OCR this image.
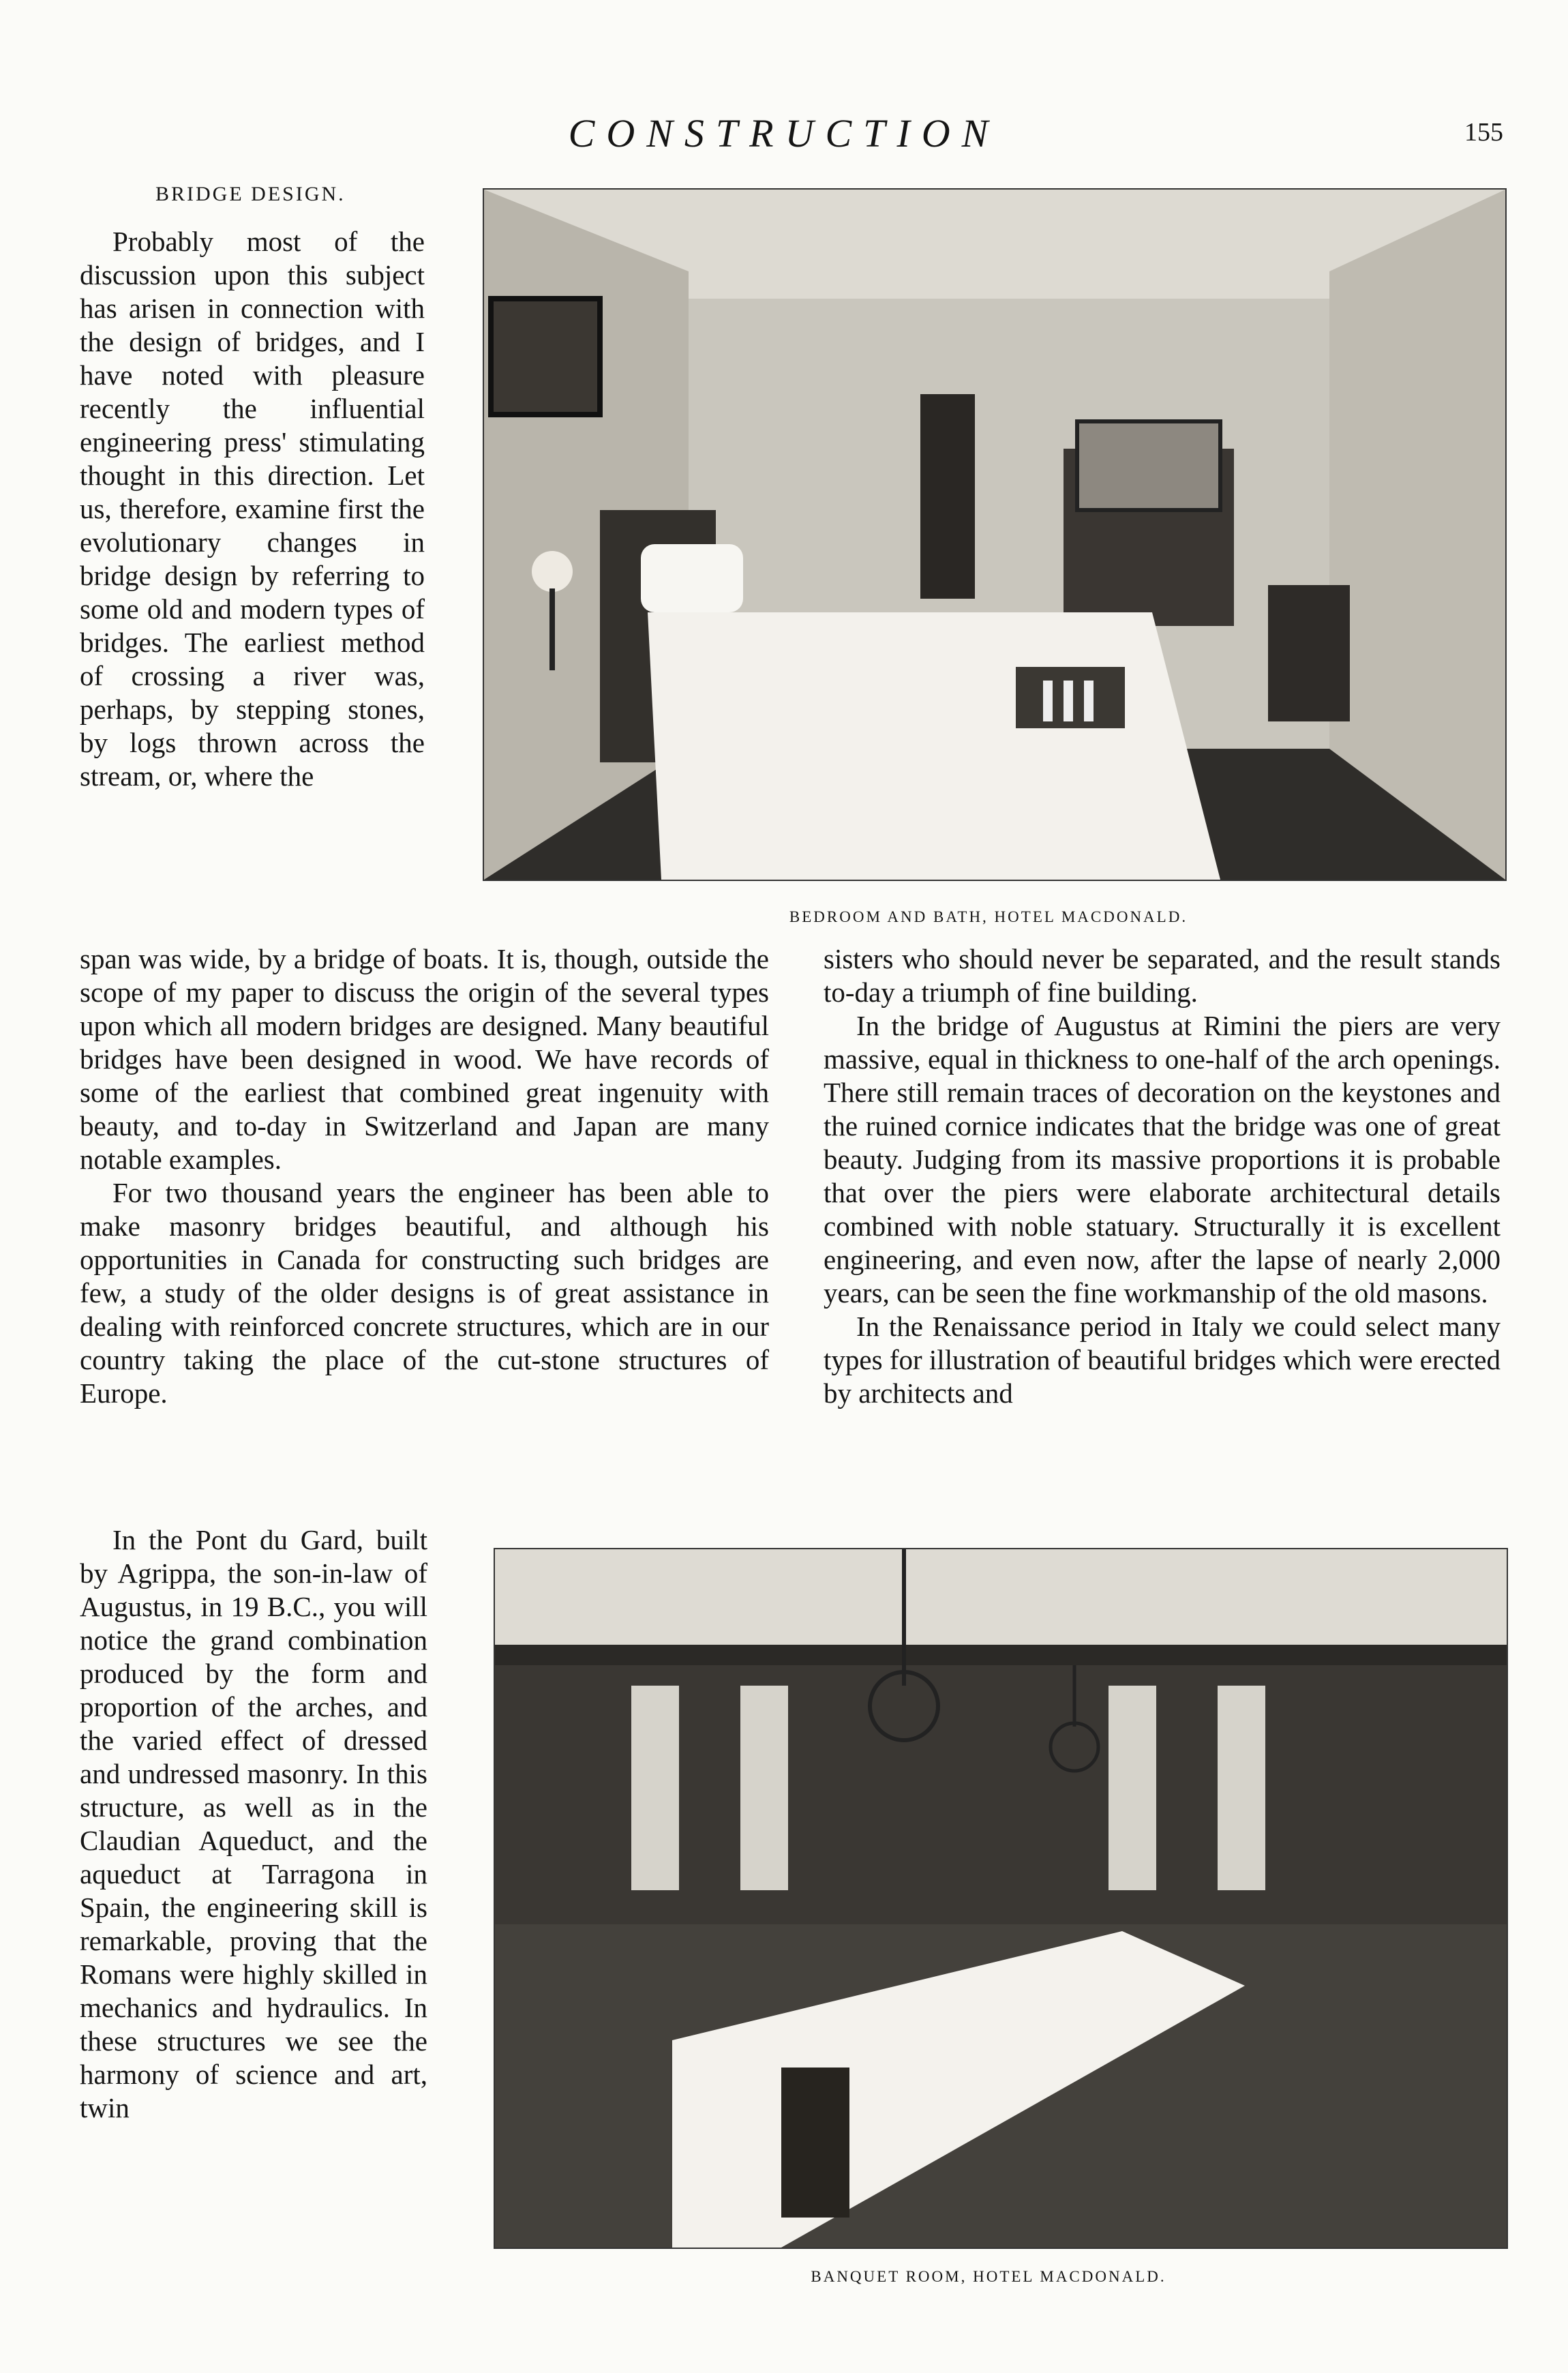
CONSTRUCTION	155
BRIDGE DESIGN.

Probably most of the discussion upon this subject has arisen in connection with the design of bridges, and I have noted with pleasure recently the influential engineering press' stimulating thought in this direction. Let us, therefore, examine first the evolutionary changes in bridge design by referring to some old and modern types of bridges. The earliest method of crossing a river was, perhaps, by stepping stones, by logs thrown across the stream, or, where the

span was wide, by a bridge of boats. It is, though, outside the scope of my paper to discuss the origin of the several types upon which all modern bridges are designed. Many beautiful bridges have been designed in wood. We have records of some of the earliest that combined great ingenuity with beauty, and to-day in Switzerland and Japan are many notable examples.

For two thousand years the engineer has been able to make masonry bridges beautiful, and although his opportunities in Canada for constructing such bridges are few, a study of the older designs is of great assistance in dealing with reinforced concrete structures, which are in our country taking the place of the cut-stone structures of Europe.

In the Pont du Gard, built by Agrippa, the son-in-law of Augustus, in 19 B.C., you will notice the grand combination produced by the form and proportion of the arches, and the varied effect of dressed and undressed masonry. In this structure, as well as in the Claudian Aqueduct, and the aqueduct at Tarragona in Spain, the engineering skill is remarkable, proving that the Romans were highly skilled in mechanics and hydraulics. In these structures we see the harmony of science and art, twin

sisters who should never be separated, and the result stands to-day a triumph of fine building.

In the bridge of Augustus at Rimini the piers are very massive, equal in thickness to one-half of the arch openings. There still remain traces of decoration on the keystones and the ruined cornice indicates that the bridge was one of great beauty. Judging from its massive proportions it is probable that over the piers were elaborate architectural details combined with noble statuary. Structurally it is excellent engineering, and even now, after the lapse of nearly 2,000 years, can be seen the fine workmanship of the old masons.

In the Renaissance period in Italy we could select many types for illustration of beautiful bridges which were erected by architects and

BEDROOM AND BATH, HOTEL MACDONALD.
BANQUET ROOM, HOTEL MACDONALD.
